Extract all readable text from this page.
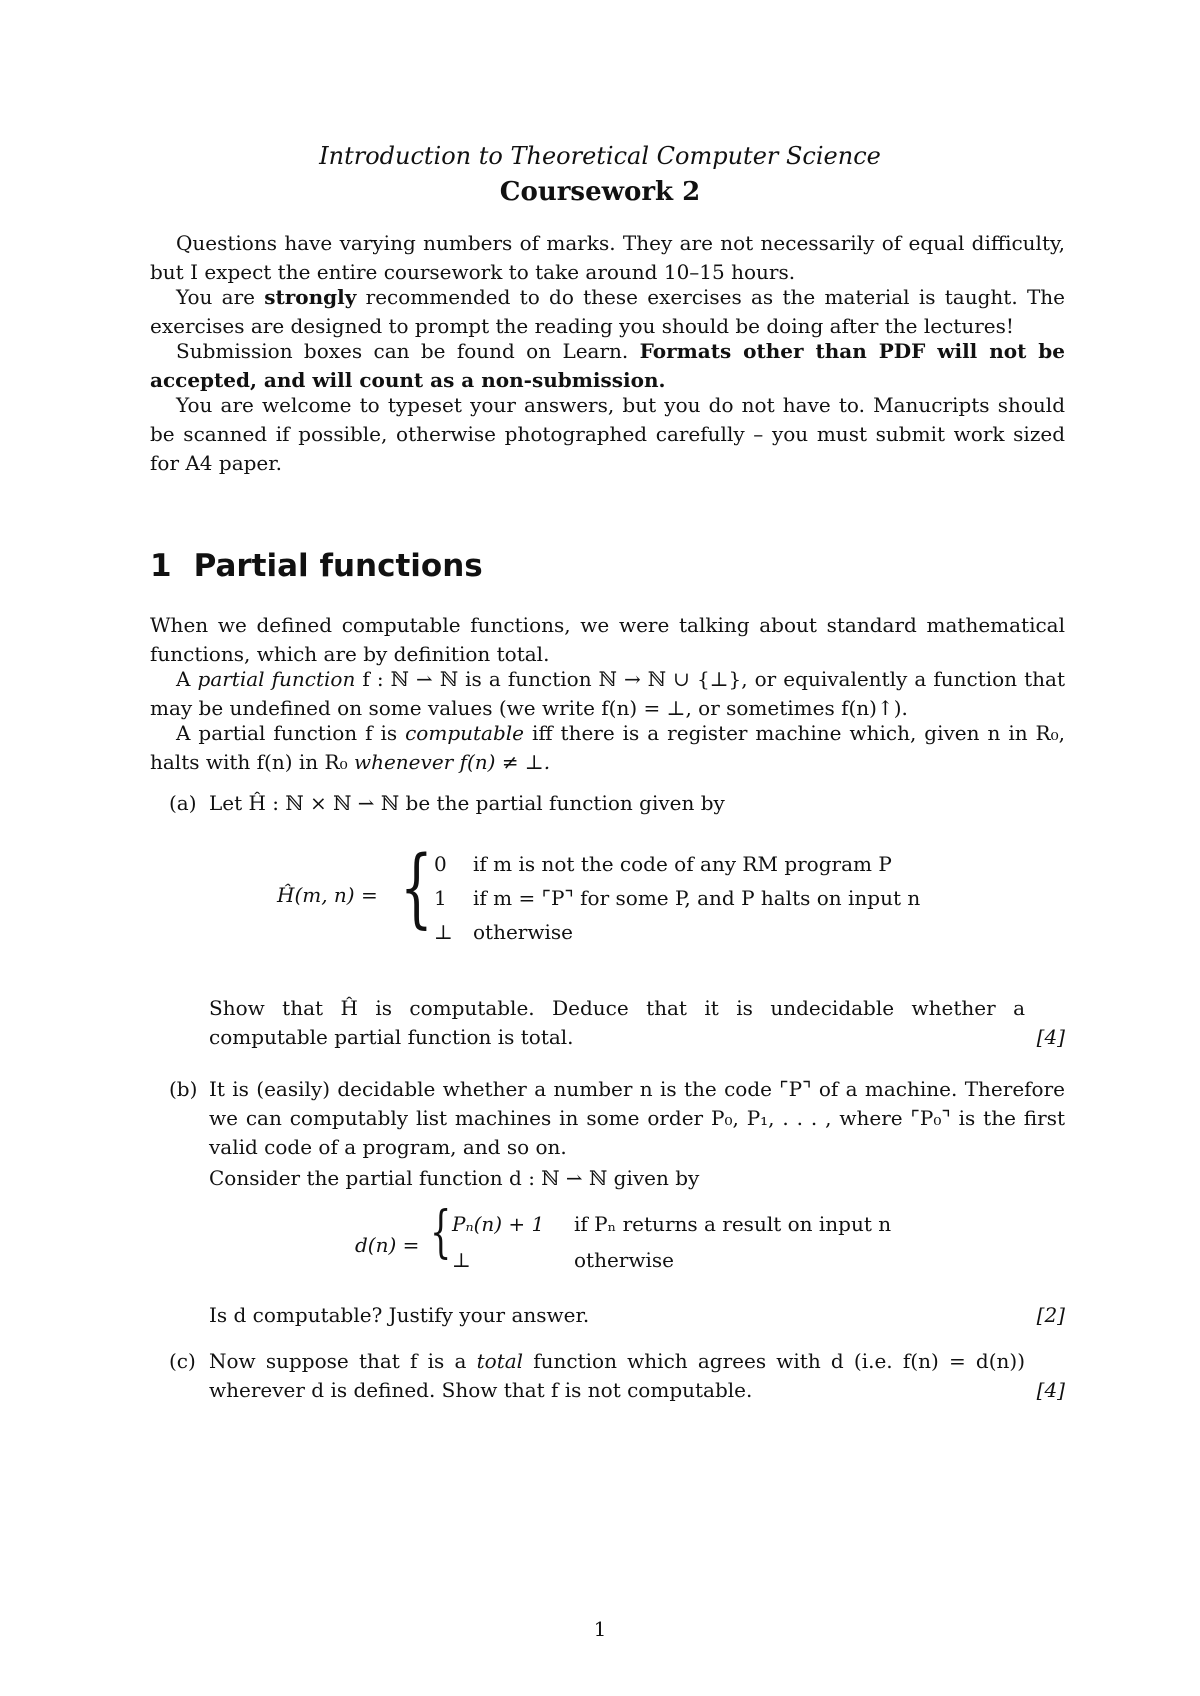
Introduction to Theoretical Computer Science
Coursework 2
Questions have varying numbers of marks. They are not necessarily of equal difficulty, but I expect the entire coursework to take around 10–15 hours.
You are strongly recommended to do these exercises as the material is taught. The exercises are designed to prompt the reading you should be doing after the lectures!
Submission boxes can be found on Learn. Formats other than PDF will not be accepted, and will count as a non-submission.
You are welcome to typeset your answers, but you do not have to. Manucripts should be scanned if possible, otherwise photographed carefully – you must submit work sized for A4 paper.
1 Partial functions
When we defined computable functions, we were talking about standard mathematical functions, which are by definition total.
A partial function f : ℕ ⇀ ℕ is a function ℕ → ℕ ∪ {⊥}, or equivalently a function that may be undefined on some values (we write f(n) = ⊥, or sometimes f(n)↑).
A partial function f is computable iff there is a register machine which, given n in R₀, halts with f(n) in R₀ whenever f(n) ≠ ⊥.
(a) Let Ĥ : ℕ × ℕ ⇀ ℕ be the partial function given by
Ĥ(m, n) = { 0 if m is not the code of any RM program P
1 if m = ⌜P⌝ for some P, and P halts on input n
⊥ otherwise
Show that Ĥ is computable. Deduce that it is undecidable whether a computable partial function is total.	[4]
(b) It is (easily) decidable whether a number n is the code ⌜P⌝ of a machine. Therefore we can computably list machines in some order P₀, P₁, . . . , where ⌜P₀⌝ is the first valid code of a program, and so on.
Consider the partial function d : ℕ ⇀ ℕ given by
d(n) = { Pₙ(n) + 1 if Pₙ returns a result on input n
⊥	otherwise
Is d computable? Justify your answer.	[2]
(c) Now suppose that f is a total function which agrees with d (i.e. f(n) = d(n)) wherever d is defined. Show that f is not computable.	[4]
1
